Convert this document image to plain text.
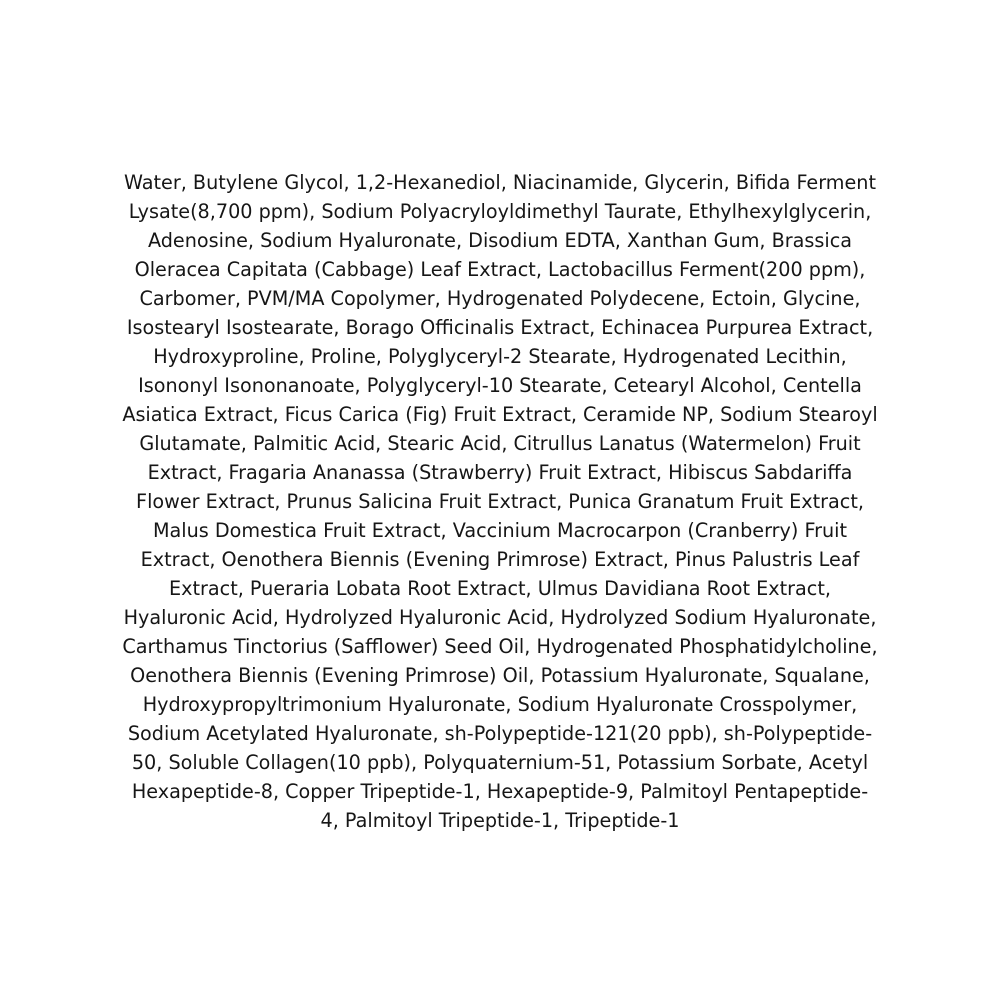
Water, Butylene Glycol, 1,2-Hexanediol, Niacinamide, Glycerin, Bifida Ferment
Lysate(8,700 ppm), Sodium Polyacryloyldimethyl Taurate, Ethylhexylglycerin,
Adenosine, Sodium Hyaluronate, Disodium EDTA, Xanthan Gum, Brassica
Oleracea Capitata (Cabbage) Leaf Extract, Lactobacillus Ferment(200 ppm),
Carbomer, PVM/MA Copolymer, Hydrogenated Polydecene, Ectoin, Glycine,
Isostearyl Isostearate, Borago Officinalis Extract, Echinacea Purpurea Extract,
Hydroxyproline, Proline, Polyglyceryl-2 Stearate, Hydrogenated Lecithin,
Isononyl Isononanoate, Polyglyceryl-10 Stearate, Cetearyl Alcohol, Centella
Asiatica Extract, Ficus Carica (Fig) Fruit Extract, Ceramide NP, Sodium Stearoyl
Glutamate, Palmitic Acid, Stearic Acid, Citrullus Lanatus (Watermelon) Fruit
Extract, Fragaria Ananassa (Strawberry) Fruit Extract, Hibiscus Sabdariffa
Flower Extract, Prunus Salicina Fruit Extract, Punica Granatum Fruit Extract,
Malus Domestica Fruit Extract, Vaccinium Macrocarpon (Cranberry) Fruit
Extract, Oenothera Biennis (Evening Primrose) Extract, Pinus Palustris Leaf
Extract, Pueraria Lobata Root Extract, Ulmus Davidiana Root Extract,
Hyaluronic Acid, Hydrolyzed Hyaluronic Acid, Hydrolyzed Sodium Hyaluronate,
Carthamus Tinctorius (Safflower) Seed Oil, Hydrogenated Phosphatidylcholine,
Oenothera Biennis (Evening Primrose) Oil, Potassium Hyaluronate, Squalane,
Hydroxypropyltrimonium Hyaluronate, Sodium Hyaluronate Crosspolymer,
Sodium Acetylated Hyaluronate, sh-Polypeptide-121(20 ppb), sh-Polypeptide-
50, Soluble Collagen(10 ppb), Polyquaternium-51, Potassium Sorbate, Acetyl
Hexapeptide-8, Copper Tripeptide-1, Hexapeptide-9, Palmitoyl Pentapeptide-
4, Palmitoyl Tripeptide-1, Tripeptide-1
